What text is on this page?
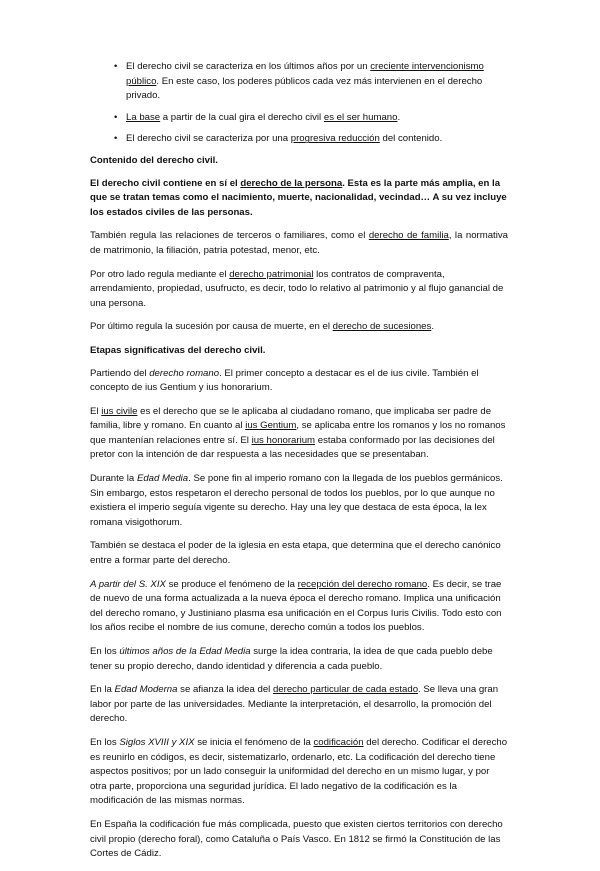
• El derecho civil se caracteriza en los últimos años por un creciente intervencionismo público. En este caso, los poderes públicos cada vez más intervienen en el derecho privado.
• La base a partir de la cual gira el derecho civil es el ser humano.
• El derecho civil se caracteriza por una progresiva reducción del contenido.

Contenido del derecho civil.

El derecho civil contiene en sí el derecho de la persona. Esta es la parte más amplia, en la que se tratan temas como el nacimiento, muerte, nacionalidad, vecindad… A su vez incluye los estados civiles de las personas.

También regula las relaciones de terceros o familiares, como el derecho de familia, la normativa de matrimonio, la filiación, patria potestad, menor, etc.

Por otro lado regula mediante el derecho patrimonial los contratos de compraventa, arrendamiento, propiedad, usufructo, es decir, todo lo relativo al patrimonio y al flujo ganancial de una persona.

Por último regula la sucesión por causa de muerte, en el derecho de sucesiones.

Etapas significativas del derecho civil.

Partiendo del derecho romano. El primer concepto a destacar es el de ius civile. También el concepto de ius Gentium y ius honorarium.

El ius civile es el derecho que se le aplicaba al ciudadano romano, que implicaba ser padre de familia, libre y romano. En cuanto al ius Gentium, se aplicaba entre los romanos y los no romanos que mantenían relaciones entre sí. El ius honorarium estaba conformado por las decisiones del pretor con la intención de dar respuesta a las necesidades que se presentaban.

Durante la Edad Media. Se pone fin al imperio romano con la llegada de los pueblos germánicos. Sin embargo, estos respetaron el derecho personal de todos los pueblos, por lo que aunque no existiera el imperio seguía vigente su derecho. Hay una ley que destaca de esta época, la lex romana visigothorum.

También se destaca el poder de la iglesia en esta etapa, que determina que el derecho canónico entre a formar parte del derecho.

A partir del S. XIX se produce el fenómeno de la recepción del derecho romano. Es decir, se trae de nuevo de una forma actualizada a la nueva época el derecho romano. Implica una unificación del derecho romano, y Justiniano plasma esa unificación en el Corpus Iuris Civilis. Todo esto con los años recibe el nombre de ius comune, derecho común a todos los pueblos.

En los últimos años de la Edad Media surge la idea contraria, la idea de que cada pueblo debe tener su propio derecho, dando identidad y diferencia a cada pueblo.

En la Edad Moderna se afianza la idea del derecho particular de cada estado. Se lleva una gran labor por parte de las universidades. Mediante la interpretación, el desarrollo, la promoción del derecho.

En los Siglos XVIII y XIX se inicia el fenómeno de la codificación del derecho. Codificar el derecho es reunirlo en códigos, es decir, sistematizarlo, ordenarlo, etc. La codificación del derecho tiene aspectos positivos; por un lado conseguir la uniformidad del derecho en un mismo lugar, y por otra parte, proporciona una seguridad jurídica. El lado negativo de la codificación es la modificación de las mismas normas.

En España la codificación fue más complicada, puesto que existen ciertos territorios con derecho civil propio (derecho foral), como Cataluña o País Vasco. En 1812 se firmó la Constitución de las Cortes de Cádiz.
